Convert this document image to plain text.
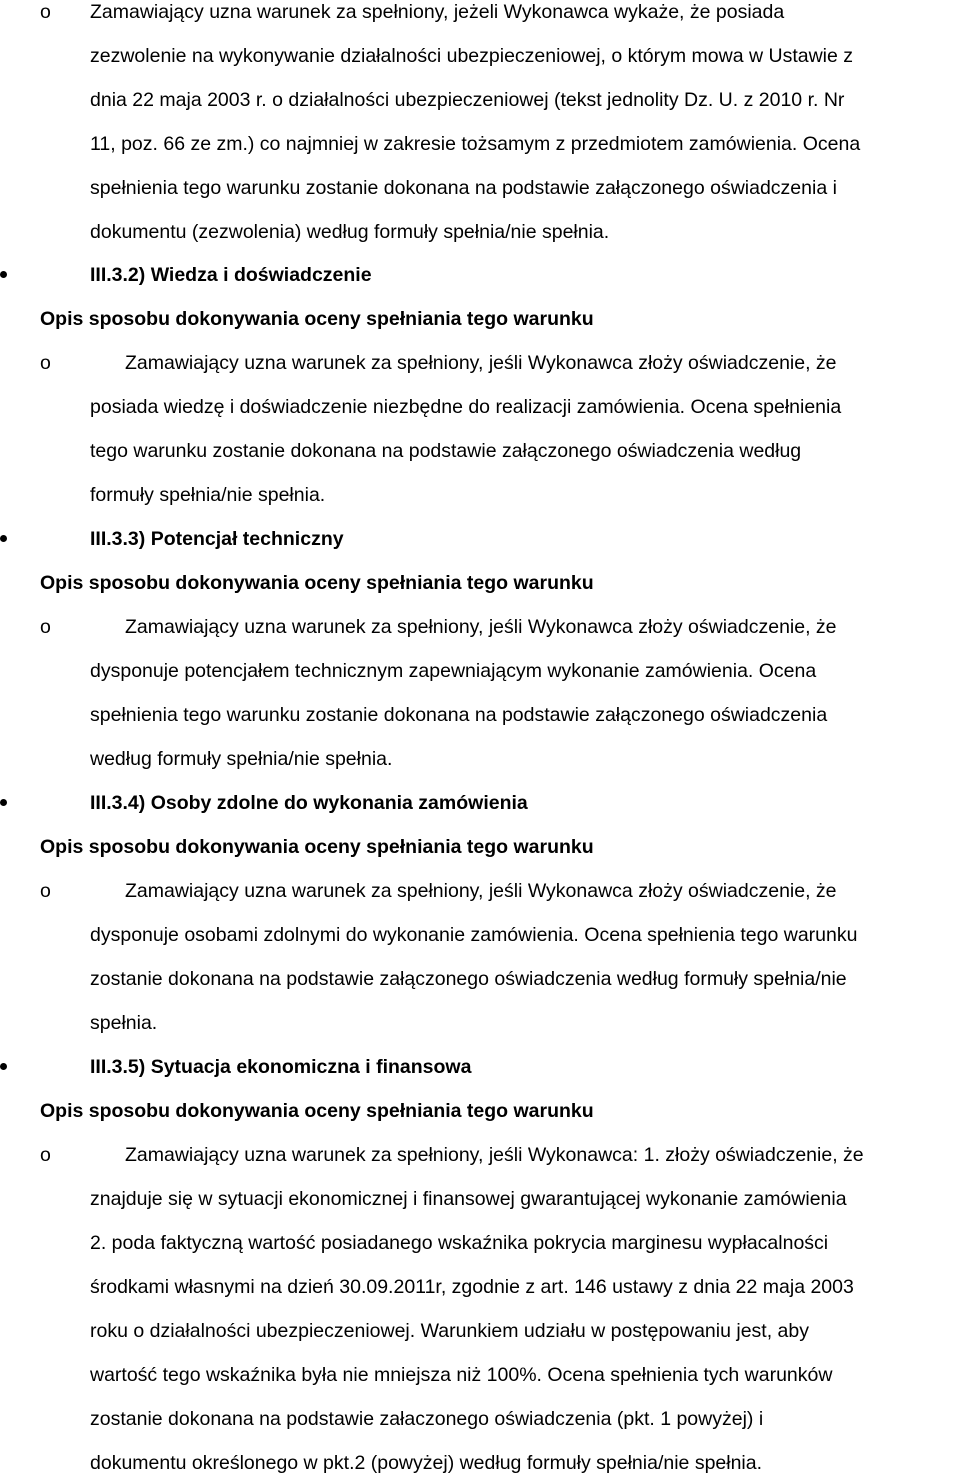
o Zamawiający uzna warunek za spełniony, jeżeli Wykonawca wykaże, że posiada
zezwolenie na wykonywanie działalności ubezpieczeniowej, o którym mowa w Ustawie z
dnia 22 maja 2003 r. o działalności ubezpieczeniowej (tekst jednolity Dz. U. z 2010 r. Nr
11, poz. 66 ze zm.) co najmniej w zakresie tożsamym z przedmiotem zamówienia. Ocena
spełnienia tego warunku zostanie dokonana na podstawie załączonego oświadczenia i
dokumentu (zezwolenia) według formuły spełnia/nie spełnia.
III.3.2) Wiedza i doświadczenie
Opis sposobu dokonywania oceny spełniania tego warunku
o	Zamawiający uzna warunek za spełniony, jeśli Wykonawca złoży oświadczenie, że
posiada wiedzę i doświadczenie niezbędne do realizacji zamówienia. Ocena spełnienia
tego warunku zostanie dokonana na podstawie załączonego oświadczenia według
formuły spełnia/nie spełnia.
III.3.3) Potencjał techniczny
Opis sposobu dokonywania oceny spełniania tego warunku
o	Zamawiający uzna warunek za spełniony, jeśli Wykonawca złoży oświadczenie, że
dysponuje potencjałem technicznym zapewniającym wykonanie zamówienia. Ocena
spełnienia tego warunku zostanie dokonana na podstawie załączonego oświadczenia
według formuły spełnia/nie spełnia.
III.3.4) Osoby zdolne do wykonania zamówienia
Opis sposobu dokonywania oceny spełniania tego warunku
o	Zamawiający uzna warunek za spełniony, jeśli Wykonawca złoży oświadczenie, że
dysponuje osobami zdolnymi do wykonanie zamówienia. Ocena spełnienia tego warunku
zostanie dokonana na podstawie załączonego oświadczenia według formuły spełnia/nie
spełnia.
III.3.5) Sytuacja ekonomiczna i finansowa
Opis sposobu dokonywania oceny spełniania tego warunku
o	Zamawiający uzna warunek za spełniony, jeśli Wykonawca: 1. złoży oświadczenie, że
znajduje się w sytuacji ekonomicznej i finansowej gwarantującej wykonanie zamówienia
2. poda faktyczną wartość posiadanego wskaźnika pokrycia marginesu wypłacalności
środkami własnymi na dzień 30.09.2011r, zgodnie z art. 146 ustawy z dnia 22 maja 2003
roku o działalności ubezpieczeniowej. Warunkiem udziału w postępowaniu jest, aby
wartość tego wskaźnika była nie mniejsza niż 100%. Ocena spełnienia tych warunków
zostanie dokonana na podstawie załaczonego oświadczenia (pkt. 1 powyżej) i
dokumentu określonego w pkt.2 (powyżej) według formuły spełnia/nie spełnia.
